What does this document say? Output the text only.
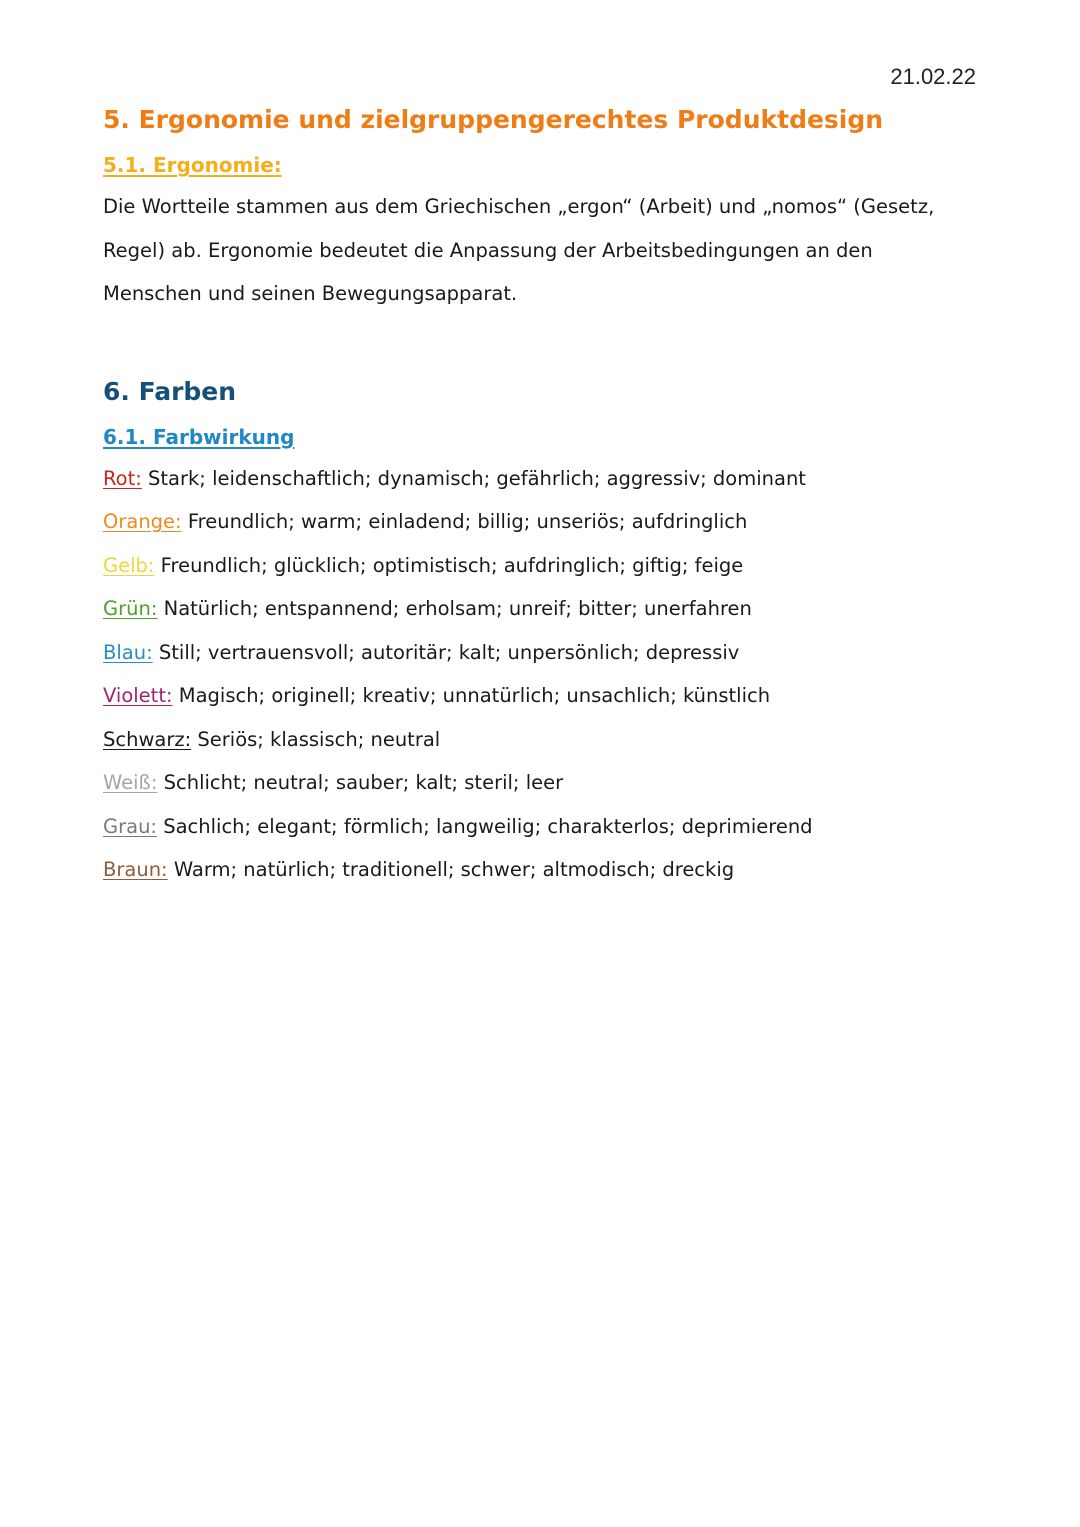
21.02.22
5. Ergonomie und zielgruppengerechtes Produktdesign
5.1. Ergonomie:

Die Wortteile stammen aus dem Griechischen „ergon“ (Arbeit) und „nomos“ (Gesetz, Regel) ab. Ergonomie bedeutet die Anpassung der Arbeitsbedingungen an den Menschen und seinen Bewegungsapparat.

6. Farben
6.1. Farbwirkung
Rot: Stark; leidenschaftlich; dynamisch; gefährlich; aggressiv; dominant
Orange: Freundlich; warm; einladend; billig; unseriös; aufdringlich
Gelb: Freundlich; glücklich; optimistisch; aufdringlich; giftig; feige
Grün: Natürlich; entspannend; erholsam; unreif; bitter; unerfahren
Blau: Still; vertrauensvoll; autoritär; kalt; unpersönlich; depressiv
Violett: Magisch; originell; kreativ; unnatürlich; unsachlich; künstlich
Schwarz: Seriös; klassisch; neutral
Weiß: Schlicht; neutral; sauber; kalt; steril; leer
Grau: Sachlich; elegant; förmlich; langweilig; charakterlos; deprimierend
Braun: Warm; natürlich; traditionell; schwer; altmodisch; dreckig
